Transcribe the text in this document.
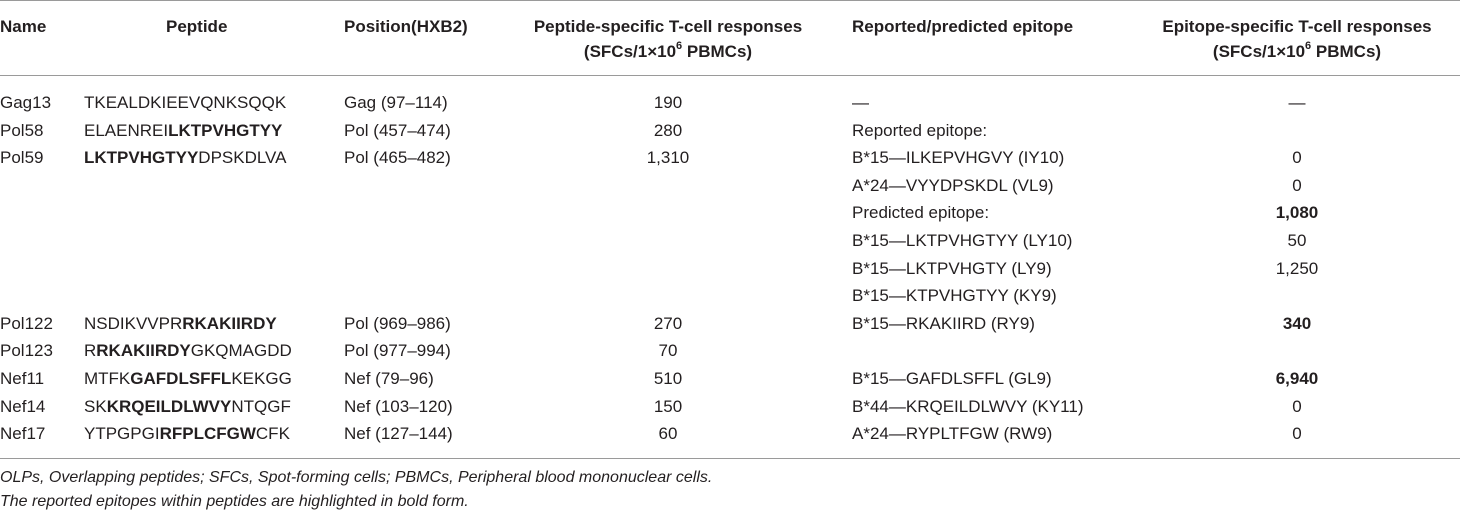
Name	Peptide	Position(HXB2)	Peptide-specific T-cell responses
($SFCs/1\times 10^6$ PBMCs)
Reported/predicted epitope	Epitope-specific T-cell responses
($SFCs/1\times 10^6$ PBMCs)
Gag13 TKEALDKIEEVQNKSQQK	Gag (97–114)	190	—	—
Pol58 ELAENREILKTPVHGTYY	Pol (457–474)	280	Reported epitope:
Pol59 LKTPVHGTYYDPSKDLVA	Pol (465–482)	1,310	B*15—ILKEPVHGVY (IY10)	0
A*24—VYYDPSKDL (VL9)	0
Predicted epitope:	1,080
B*15—LKTPVHGTYY (LY10)	50
B*15—LKTPVHGTY (LY9)	1,250
B*15—KTPVHGTYY (KY9)
Pol122 NSDIKVVPRRKAKIIRDY	Pol (969–986)	270	B*15—RKAKIIRD (RY9)	340
Pol123 RRKAKIIRDYGKQMAGDD	Pol (977–994)	70
Nef11 MTFKGAFDLSFFLKEKGG	Nef (79–96)	510	B*15—GAFDLSFFL (GL9)	6,940
Nef14 SKKRQEILDLWVYNTQGF	Nef (103–120)	150	B*44—KRQEILDLWVY (KY11)	0
Nef17 YTPGPGIRFPLCFGWCFK	Nef (127–144)	60	A*24—RYPLTFGW (RW9)	0
OLPs, Overlapping peptides; SFCs, Spot-forming cells; PBMCs, Peripheral blood mononuclear cells.
The reported epitopes within peptides are highlighted in bold form.
